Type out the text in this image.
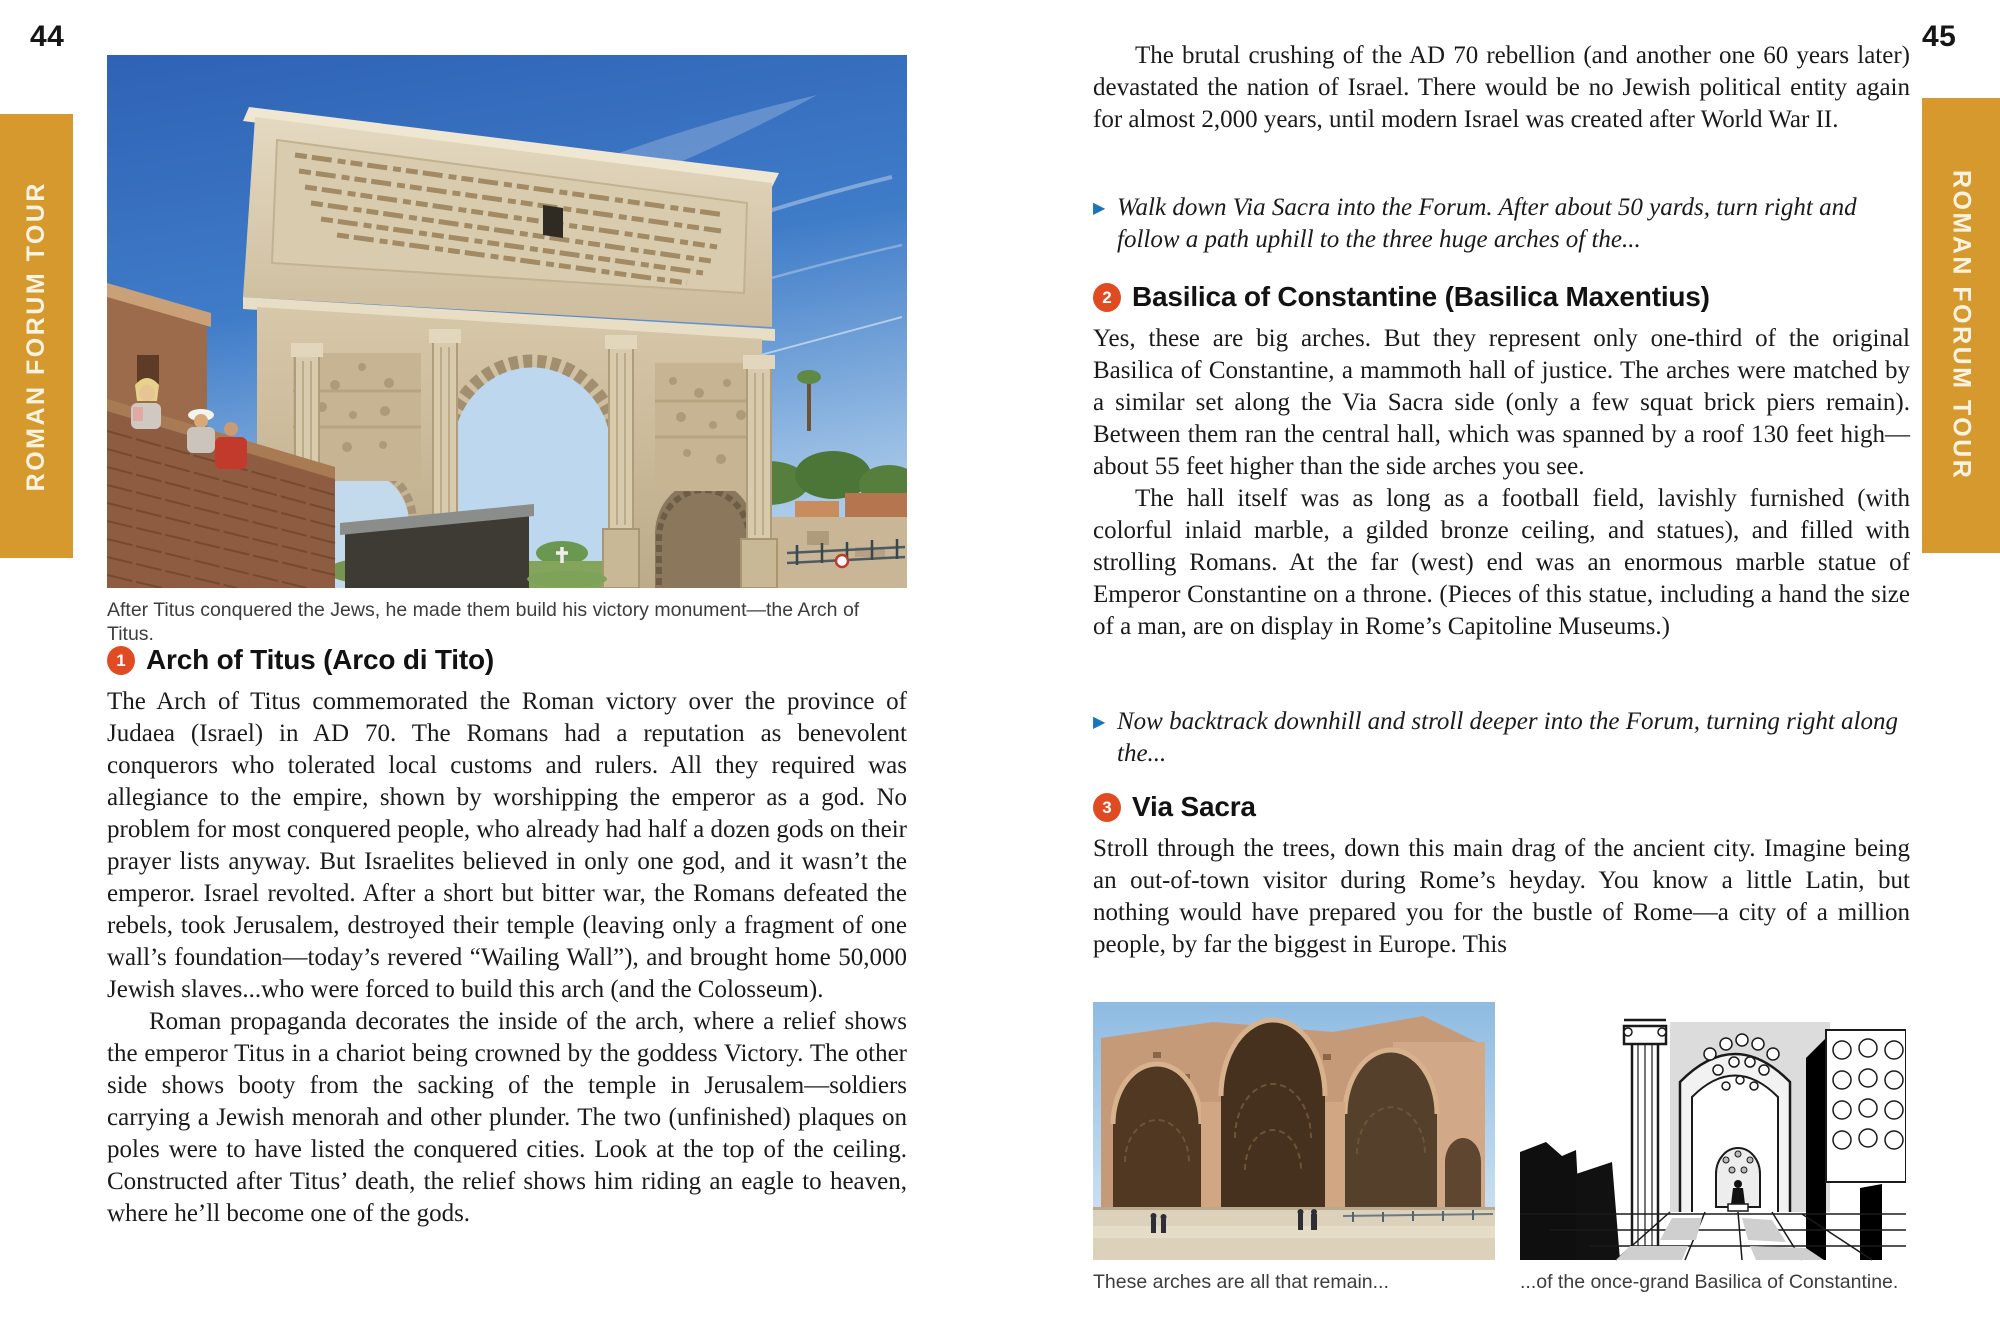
44
ROMAN FORUM TOUR
After Titus conquered the Jews, he made them build his victory monument—the Arch of Titus.
1 Arch of Titus (Arco di Tito)

The Arch of Titus commemorated the Roman victory over the province of Judaea (Israel) in AD 70. The Romans had a reputation as benevolent conquerors who tolerated local customs and rulers. All they required was allegiance to the empire, shown by worshipping the emperor as a god. No problem for most conquered people, who already had half a dozen gods on their prayer lists anyway. But Israelites believed in only one god, and it wasn’t the emperor. Israel revolted. After a short but bitter war, the Romans defeated the rebels, took Jerusalem, destroyed their temple (leaving only a fragment of one wall’s foundation—today’s revered “Wailing Wall”), and brought home 50,000 Jewish slaves...who were forced to build this arch (and the Colosseum).

Roman propaganda decorates the inside of the arch, where a relief shows the emperor Titus in a chariot being crowned by the goddess Victory. The other side shows booty from the sacking of the temple in Jerusalem—soldiers carrying a Jewish menorah and other plunder. The two (unfinished) plaques on poles were to have listed the conquered cities. Look at the top of the ceiling. Constructed after Titus’ death, the relief shows him riding an eagle to heaven, where he’ll become one of the gods.

45
ROMAN FORUM TOUR

The brutal crushing of the AD 70 rebellion (and another one 60 years later) devastated the nation of Israel. There would be no Jewish political entity again for almost 2,000 years, until modern Israel was created after World War II.

▶ Walk down Via Sacra into the Forum. After about 50 yards, turn right and follow a path uphill to the three huge arches of the...

2 Basilica of Constantine (Basilica Maxentius)

Yes, these are big arches. But they represent only one-third of the original Basilica of Constantine, a mammoth hall of justice. The arches were matched by a similar set along the Via Sacra side (only a few squat brick piers remain). Between them ran the central hall, which was spanned by a roof 130 feet high—about 55 feet higher than the side arches you see.

The hall itself was as long as a football field, lavishly furnished (with colorful inlaid marble, a gilded bronze ceiling, and statues), and filled with strolling Romans. At the far (west) end was an enormous marble statue of Emperor Constantine on a throne. (Pieces of this statue, including a hand the size of a man, are on display in Rome’s Capitoline Museums.)

▶ Now backtrack downhill and stroll deeper into the Forum, turning right along the...

3 Via Sacra

Stroll through the trees, down this main drag of the ancient city. Imagine being an out-of-town visitor during Rome’s heyday. You know a little Latin, but nothing would have prepared you for the bustle of Rome—a city of a million people, by far the biggest in Europe. This

These arches are all that remain...	...of the once-grand Basilica of Constantine.
